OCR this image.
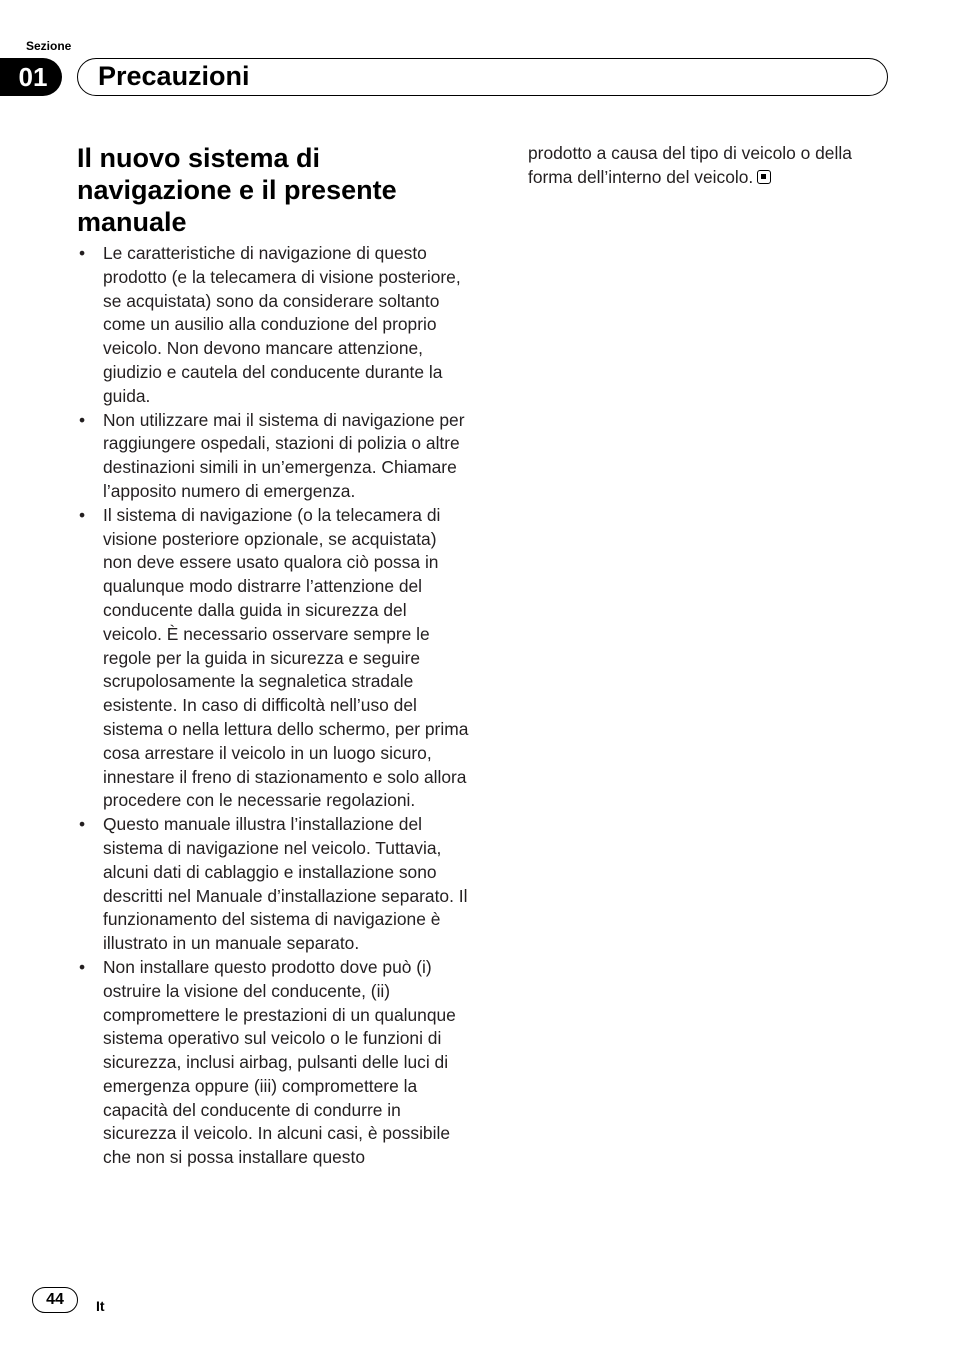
Sezione
01	Precauzioni
Il nuovo sistema di navigazione e il presente manuale
• Le caratteristiche di navigazione di questo prodotto (e la telecamera di visione posteriore, se acquistata) sono da considerare soltanto come un ausilio alla conduzione del proprio veicolo. Non devono mancare attenzione, giudizio e cautela del conducente durante la guida.
• Non utilizzare mai il sistema di navigazione per raggiungere ospedali, stazioni di polizia o altre destinazioni simili in un’emergenza. Chiamare l’apposito numero di emergenza.
• Il sistema di navigazione (o la telecamera di visione posteriore opzionale, se acquistata) non deve essere usato qualora ciò possa in qualunque modo distrarre l’attenzione del conducente dalla guida in sicurezza del veicolo. È necessario osservare sempre le regole per la guida in sicurezza e seguire scrupolosamente la segnaletica stradale esistente. In caso di difficoltà nell’uso del sistema o nella lettura dello schermo, per prima cosa arrestare il veicolo in un luogo sicuro, innestare il freno di stazionamento e solo allora procedere con le necessarie regolazioni.
• Questo manuale illustra l’installazione del sistema di navigazione nel veicolo. Tuttavia, alcuni dati di cablaggio e installazione sono descritti nel Manuale d’installazione separato. Il funzionamento del sistema di navigazione è illustrato in un manuale separato.
• Non installare questo prodotto dove può (i) ostruire la visione del conducente, (ii) compromettere le prestazioni di un qualunque sistema operativo sul veicolo o le funzioni di sicurezza, inclusi airbag, pulsanti delle luci di emergenza oppure (iii) compromettere la capacità del conducente di condurre in sicurezza il veicolo. In alcuni casi, è possibile che non si possa installare questo

prodotto a causa del tipo di veicolo o della forma dell’interno del veicolo.

44	It
